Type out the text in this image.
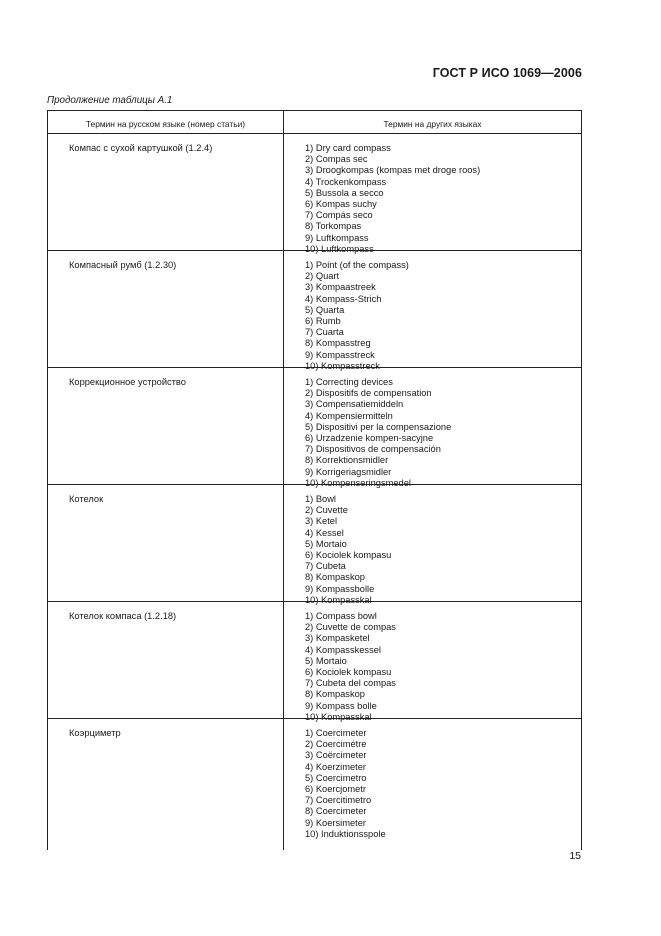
ГОСТ Р ИСО 1069—2006
Продолжение таблицы А.1
Термин на русском языке (номер статьи)	Термин на других языках
Компас с сухой картушкой (1.2.4)	1) Dry card compass
2) Compas sec
3) Droogkompas (kompas met droge roos)
4) Trockenkompass
5) Bussola a secco
6) Kompas suchy
7) Compás seco
8) Torkompas
9) Luftkompass
10) Luftkompass
Компасный румб (1.2.30)	1) Point (of the compass)
2) Quart
3) Kompaastreek
4) Kompass-Strich
5) Quarta
6) Rumb
7) Cuarta
8) Kompasstreg
9) Kompasstreck
10) Kompasstreck
Коррекционное устройство	1) Correcting devices
2) Dispositifs de compensation
3) Compensatiemiddeln
4) Kompensiermitteln
5) Dispositivi per la compensazione
6) Urzadzenie kompen-sacyjne
7) Dispositivos de compensación
8) Korrektionsmidler
9) Korrigeriagsmidler
10) Kompenseringsmedel
Котелок	1) Bowl
2) Cuvette
3) Ketel
4) Kessel
5) Mortaio
6) Kociolek kompasu
7) Cubeta
8) Kompaskop
9) Kompassbolle
10) Kompasskal
Котелок компаса (1.2.18)	1) Compass bowl
2) Cuvette de compas
3) Kompasketel
4) Kompasskessel
5) Mortaio
6) Kociolek kompasu
7) Cubeta del compas
8) Kompaskop
9) Kompass bolle
10) Kompasskal
Коэрциметр	1) Coercimeter
2) Coercimétre
3) Coërcimeter
4) Koerzimeter
5) Coercimetro
6) Koercjometr
7) Coercitimetro
8) Coercimeter
9) Koersimeter
10) Induktionsspole
15
